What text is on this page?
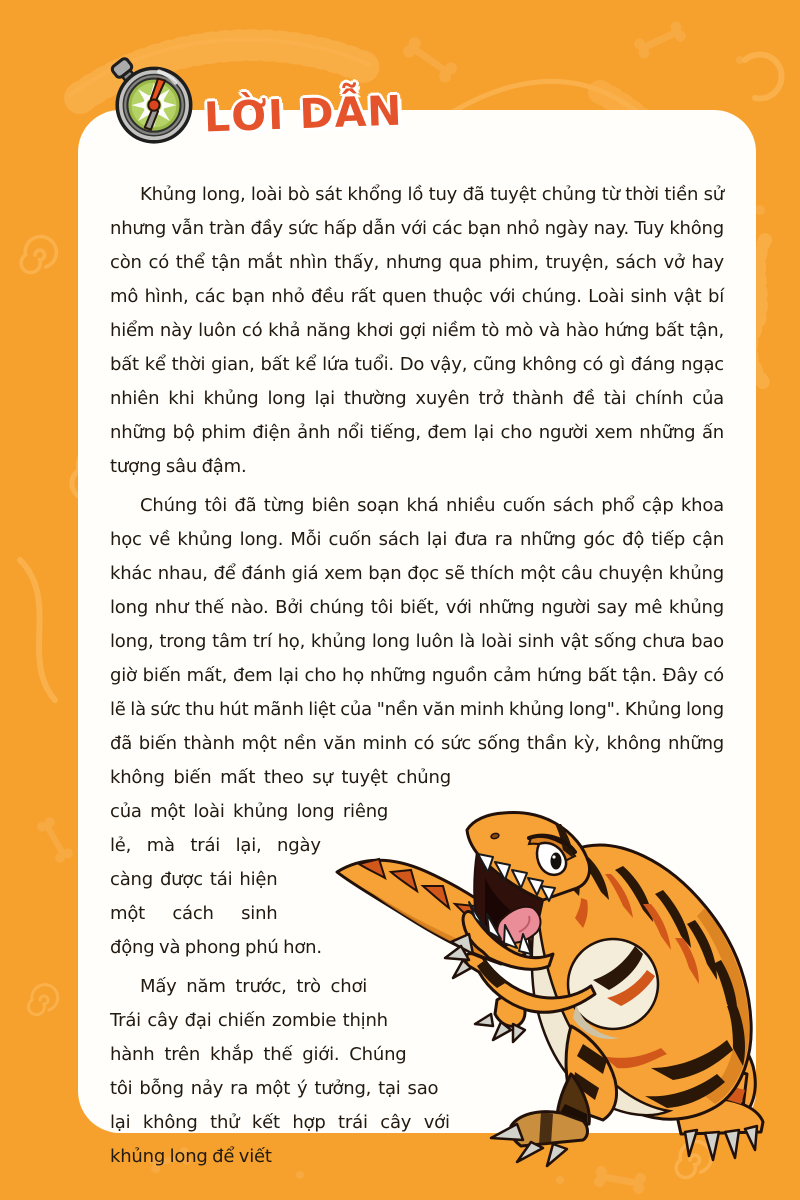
LỜI DẪN

Khủng long, loài bò sát khổng lồ tuy đã tuyệt chủng từ thời tiền sử nhưng vẫn tràn đầy sức hấp dẫn với các bạn nhỏ ngày nay. Tuy không còn có thể tận mắt nhìn thấy, nhưng qua phim, truyện, sách vở hay mô hình, các bạn nhỏ đều rất quen thuộc với chúng. Loài sinh vật bí hiểm này luôn có khả năng khơi gợi niềm tò mò và hào hứng bất tận, bất kể thời gian, bất kể lứa tuổi. Do vậy, cũng không có gì đáng ngạc nhiên khi khủng long lại thường xuyên trở thành đề tài chính của những bộ phim điện ảnh nổi tiếng, đem lại cho người xem những ấn tượng sâu đậm.

Chúng tôi đã từng biên soạn khá nhiều cuốn sách phổ cập khoa học về khủng long. Mỗi cuốn sách lại đưa ra những góc độ tiếp cận khác nhau, để đánh giá xem bạn đọc sẽ thích một câu chuyện khủng long như thế nào. Bởi chúng tôi biết, với những người say mê khủng long, trong tâm trí họ, khủng long luôn là loài sinh vật sống chưa bao giờ biến mất, đem lại cho họ những nguồn cảm hứng bất tận. Đây có lẽ là sức thu hút mãnh liệt của "nền văn minh khủng long". Khủng long đã biến thành một nền văn minh có sức sống thần kỳ, không những không biến mất theo sự tuyệt chủng của một loài khủng long riêng lẻ, mà trái lại, ngày càng được tái hiện một cách sinh động và phong phú hơn.

Mấy năm trước, trò chơi Trái cây đại chiến zombie thịnh hành trên khắp thế giới. Chúng tôi bỗng nảy ra một ý tưởng, tại sao lại không thử kết hợp trái cây với khủng long để viết
